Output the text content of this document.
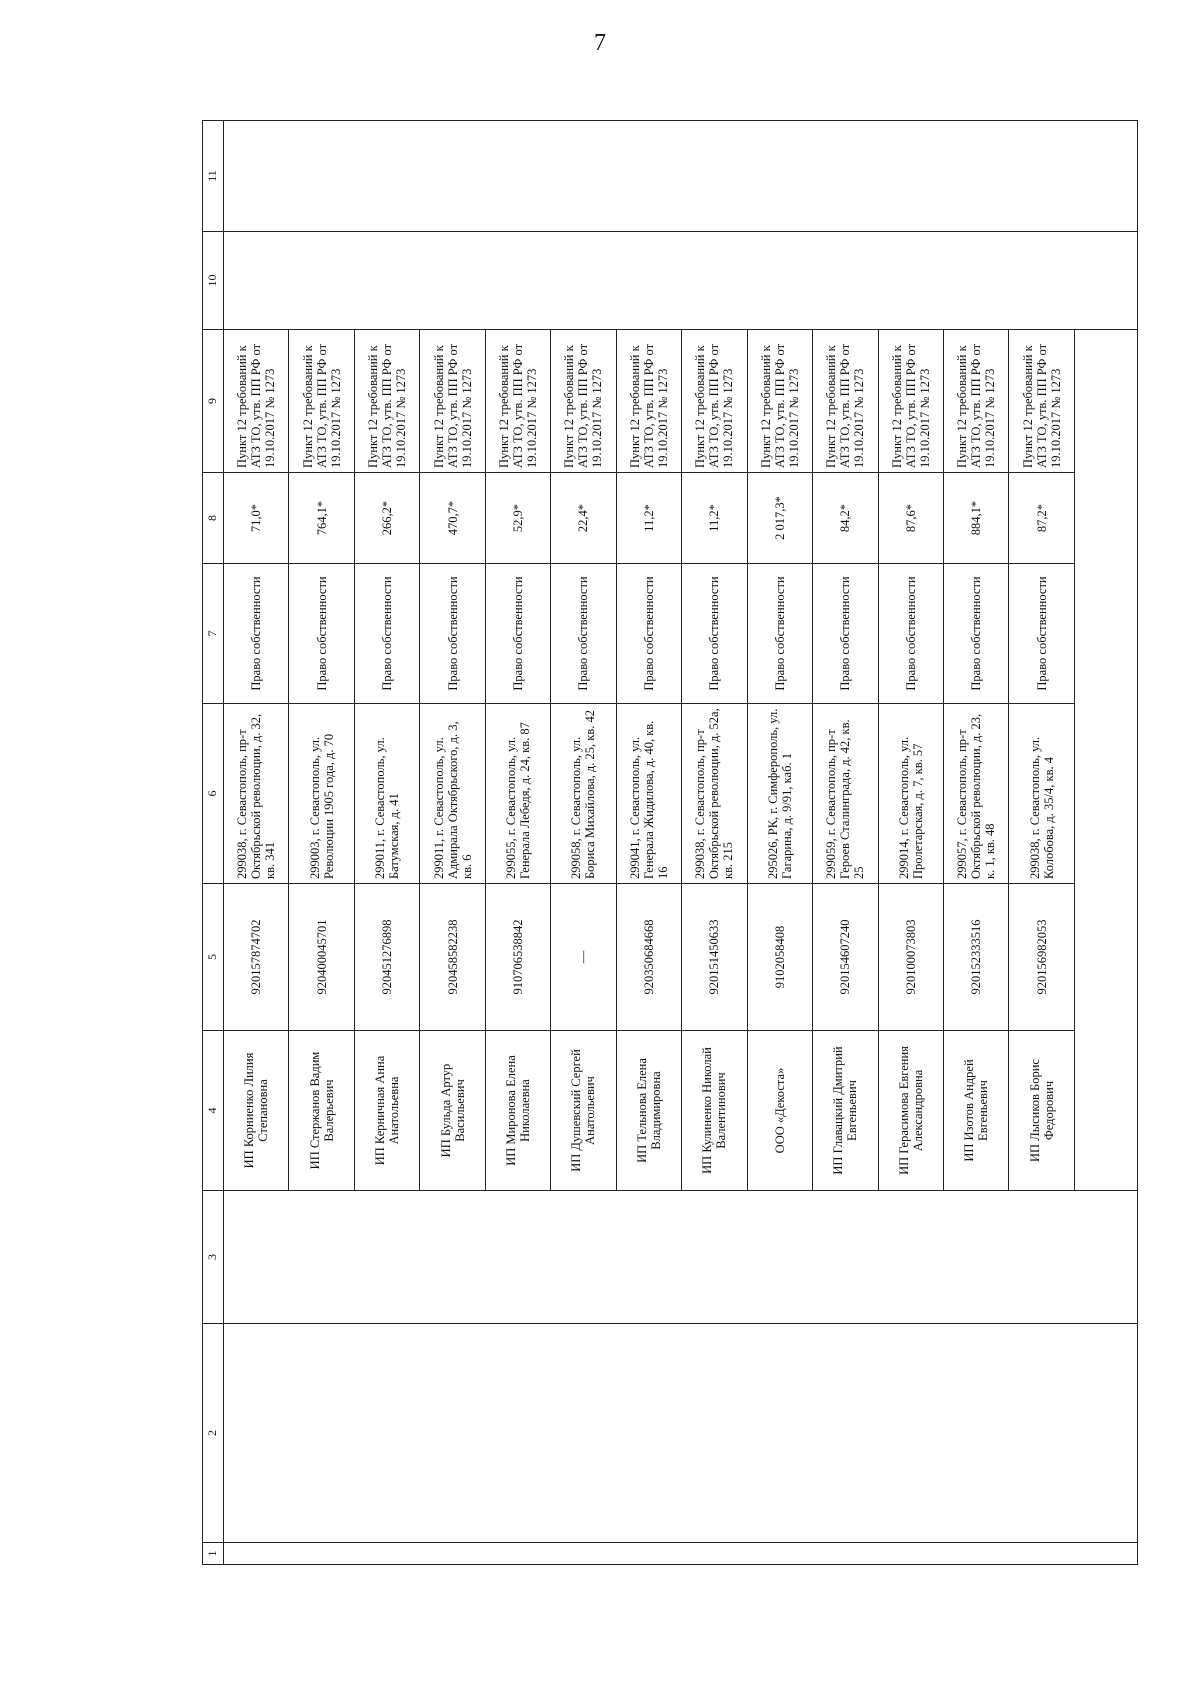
7
1	2	3	4	5	6	7	8	9	10	11
			ИП Корниенко Лилия Степановна	920157874702	299038, г. Севастополь, пр-т Октябрьской революции, д. 32, кв. 341	Право собственности	71,0*	Пункт 12 требований к АТЗ ТО, утв. ПП РФ от 19.10.2017 № 1273		
			ИП Стержанов Вадим Валерьевич	920400045701	299003, г. Севастополь, ул. Революции 1905 года, д. 70	Право собственности	764,1*	Пункт 12 требований к АТЗ ТО, утв. ПП РФ от 19.10.2017 № 1273		
			ИП Керничная Анна Анатольевна	920451276898	299011, г. Севастополь, ул. Батумская, д. 41	Право собственности	266,2*	Пункт 12 требований к АТЗ ТО, утв. ПП РФ от 19.10.2017 № 1273		
			ИП Бульда Артур Васильевич	920458582238	299011, г. Севастополь, ул. Адмирала Октябрьского, д. 3, кв. 6	Право собственности	470,7*	Пункт 12 требований к АТЗ ТО, утв. ПП РФ от 19.10.2017 № 1273		
			ИП Миронова Елена Николаевна	910706538842	299055, г. Севастополь, ул. Генерала Лебедя, д. 24, кв. 87	Право собственности	52,9*	Пункт 12 требований к АТЗ ТО, утв. ПП РФ от 19.10.2017 № 1273		
			ИП Душевский Сергей Анатольевич	—	299058, г. Севастополь, ул. Бориса Михайлова, д. 25, кв. 42	Право собственности	22,4*	Пункт 12 требований к АТЗ ТО, утв. ПП РФ от 19.10.2017 № 1273		
			ИП Тельнова Елена Владимировна	920350684668	299041, г. Севастополь, ул. Генерала Жидилова, д. 40, кв. 16	Право собственности	11,2*	Пункт 12 требований к АТЗ ТО, утв. ПП РФ от 19.10.2017 № 1273		
			ИП Кулиненко Николай Валентинович	920151450633	299038, г. Севастополь, пр-т Октябрьской революции, д. 52а, кв. 215	Право собственности	11,2*	Пункт 12 требований к АТЗ ТО, утв. ПП РФ от 19.10.2017 № 1273		
			ООО «Декоста»	9102058408	295026, РК, г. Симферополь, ул. Гагарина, д. 9/91, каб. 1	Право собственности	2 017,3*	Пункт 12 требований к АТЗ ТО, утв. ПП РФ от 19.10.2017 № 1273		
			ИП Главацкий Дмитрий Евгеньевич	920154607240	299059, г. Севастополь, пр-т Героев Сталинграда, д. 42, кв. 25	Право собственности	84,2*	Пункт 12 требований к АТЗ ТО, утв. ПП РФ от 19.10.2017 № 1273		
			ИП Герасимова Евгения Александровна	920100073803	299014, г. Севастополь, ул. Пролетарская, д. 7, кв. 57	Право собственности	87,6*	Пункт 12 требований к АТЗ ТО, утв. ПП РФ от 19.10.2017 № 1273		
			ИП Изотов Андрей Евгеньевич	920152333516	299057, г. Севастополь, пр-т Октябрьской революции, д. 23, к. 1, кв. 48	Право собственности	884,1*	Пункт 12 требований к АТЗ ТО, утв. ПП РФ от 19.10.2017 № 1273		
			ИП Лысиков Борис Федорович	920156982053	299038, г. Севастополь, ул. Колобова, д. 35/4, кв. 4	Право собственности	87,2*	Пункт 12 требований к АТЗ ТО, утв. ПП РФ от 19.10.2017 № 1273		
